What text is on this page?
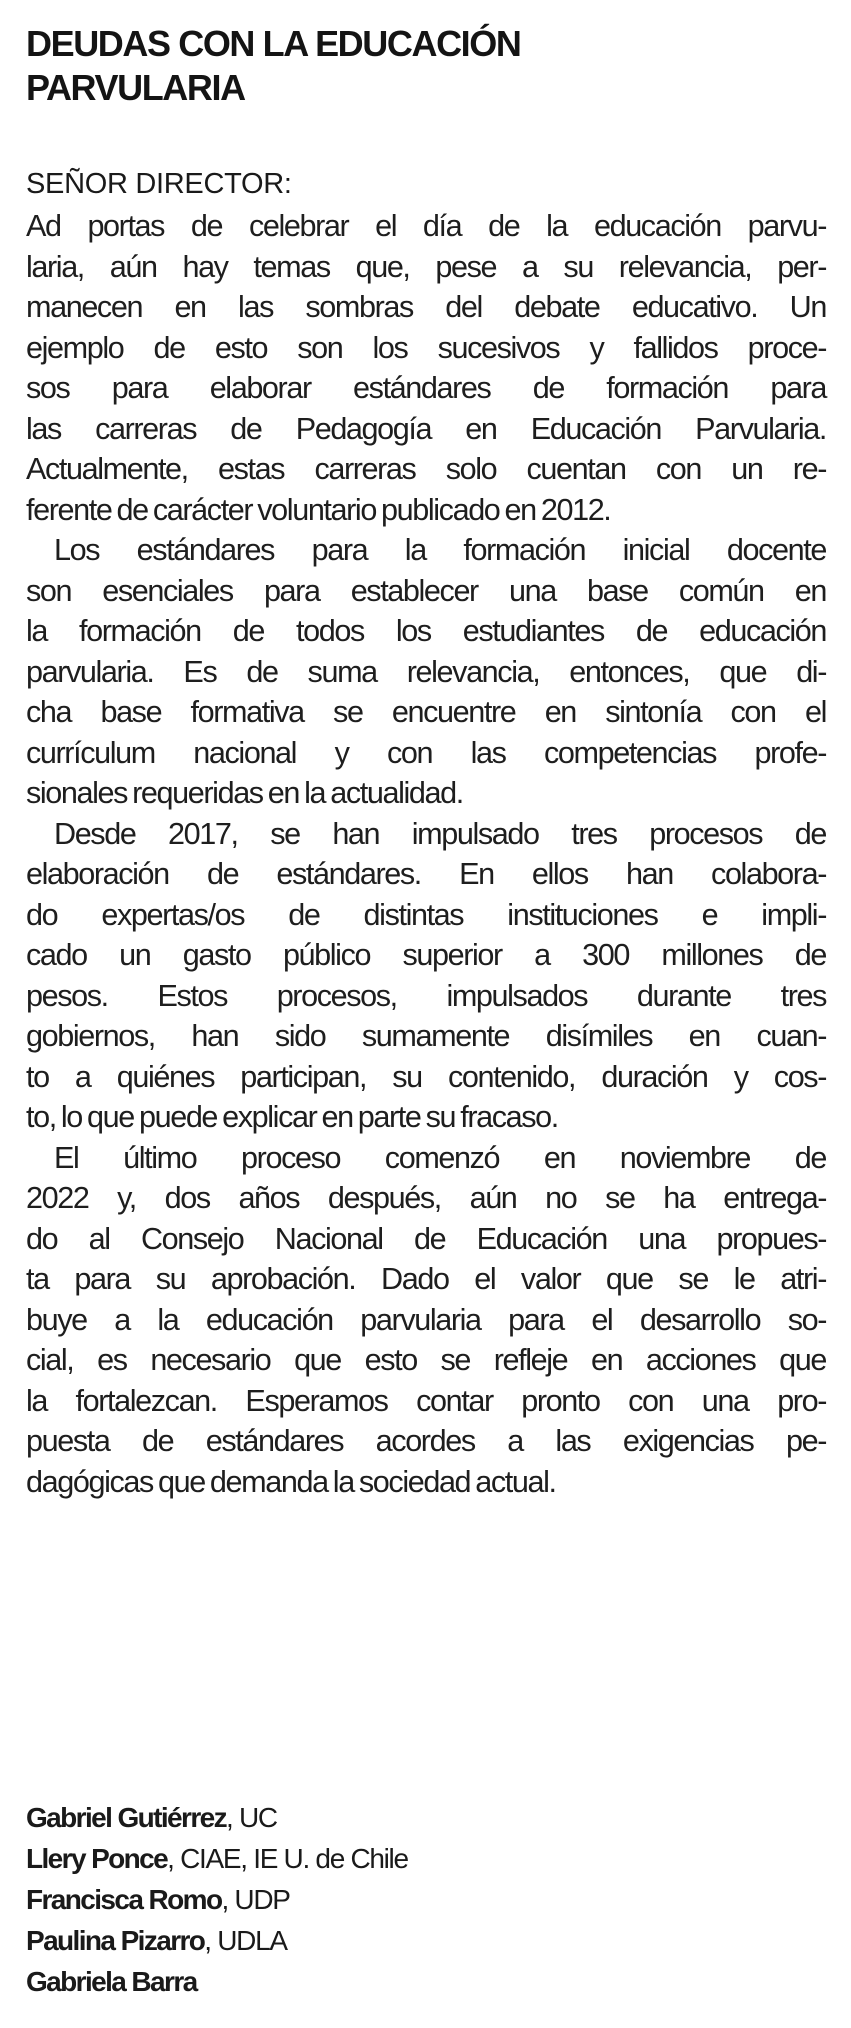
DEUDAS CON LA EDUCACIÓN
PARVULARIA

SEÑOR DIRECTOR:

Ad portas de celebrar el día de la educación parvu-
laria, aún hay temas que, pese a su relevancia, per-
manecen en las sombras del debate educativo. Un
ejemplo de esto son los sucesivos y fallidos proce-
sos para elaborar estándares de formación para
las carreras de Pedagogía en Educación Parvularia.
Actualmente, estas carreras solo cuentan con un re-
ferente de carácter voluntario publicado en 2012.
Los estándares para la formación inicial docente
son esenciales para establecer una base común en
la formación de todos los estudiantes de educación
parvularia. Es de suma relevancia, entonces, que di-
cha base formativa se encuentre en sintonía con el
currículum nacional y con las competencias profe-
sionales requeridas en la actualidad.
Desde 2017, se han impulsado tres procesos de
elaboración de estándares. En ellos han colabora-
do expertas/os de distintas instituciones e impli-
cado un gasto público superior a 300 millones de
pesos. Estos procesos, impulsados durante tres
gobiernos, han sido sumamente disímiles en cuan-
to a quiénes participan, su contenido, duración y cos-
to, lo que puede explicar en parte su fracaso.
El último proceso comenzó en noviembre de
2022 y, dos años después, aún no se ha entrega-
do al Consejo Nacional de Educación una propues-
ta para su aprobación. Dado el valor que se le atri-
buye a la educación parvularia para el desarrollo so-
cial, es necesario que esto se refleje en acciones que
la fortalezcan. Esperamos contar pronto con una pro-
puesta de estándares acordes a las exigencias pe-
dagógicas que demanda la sociedad actual.
Gabriel Gutiérrez, UC
Llery Ponce, CIAE, IE U. de Chile
Francisca Romo, UDP
Paulina Pizarro, UDLA
Gabriela Barra
